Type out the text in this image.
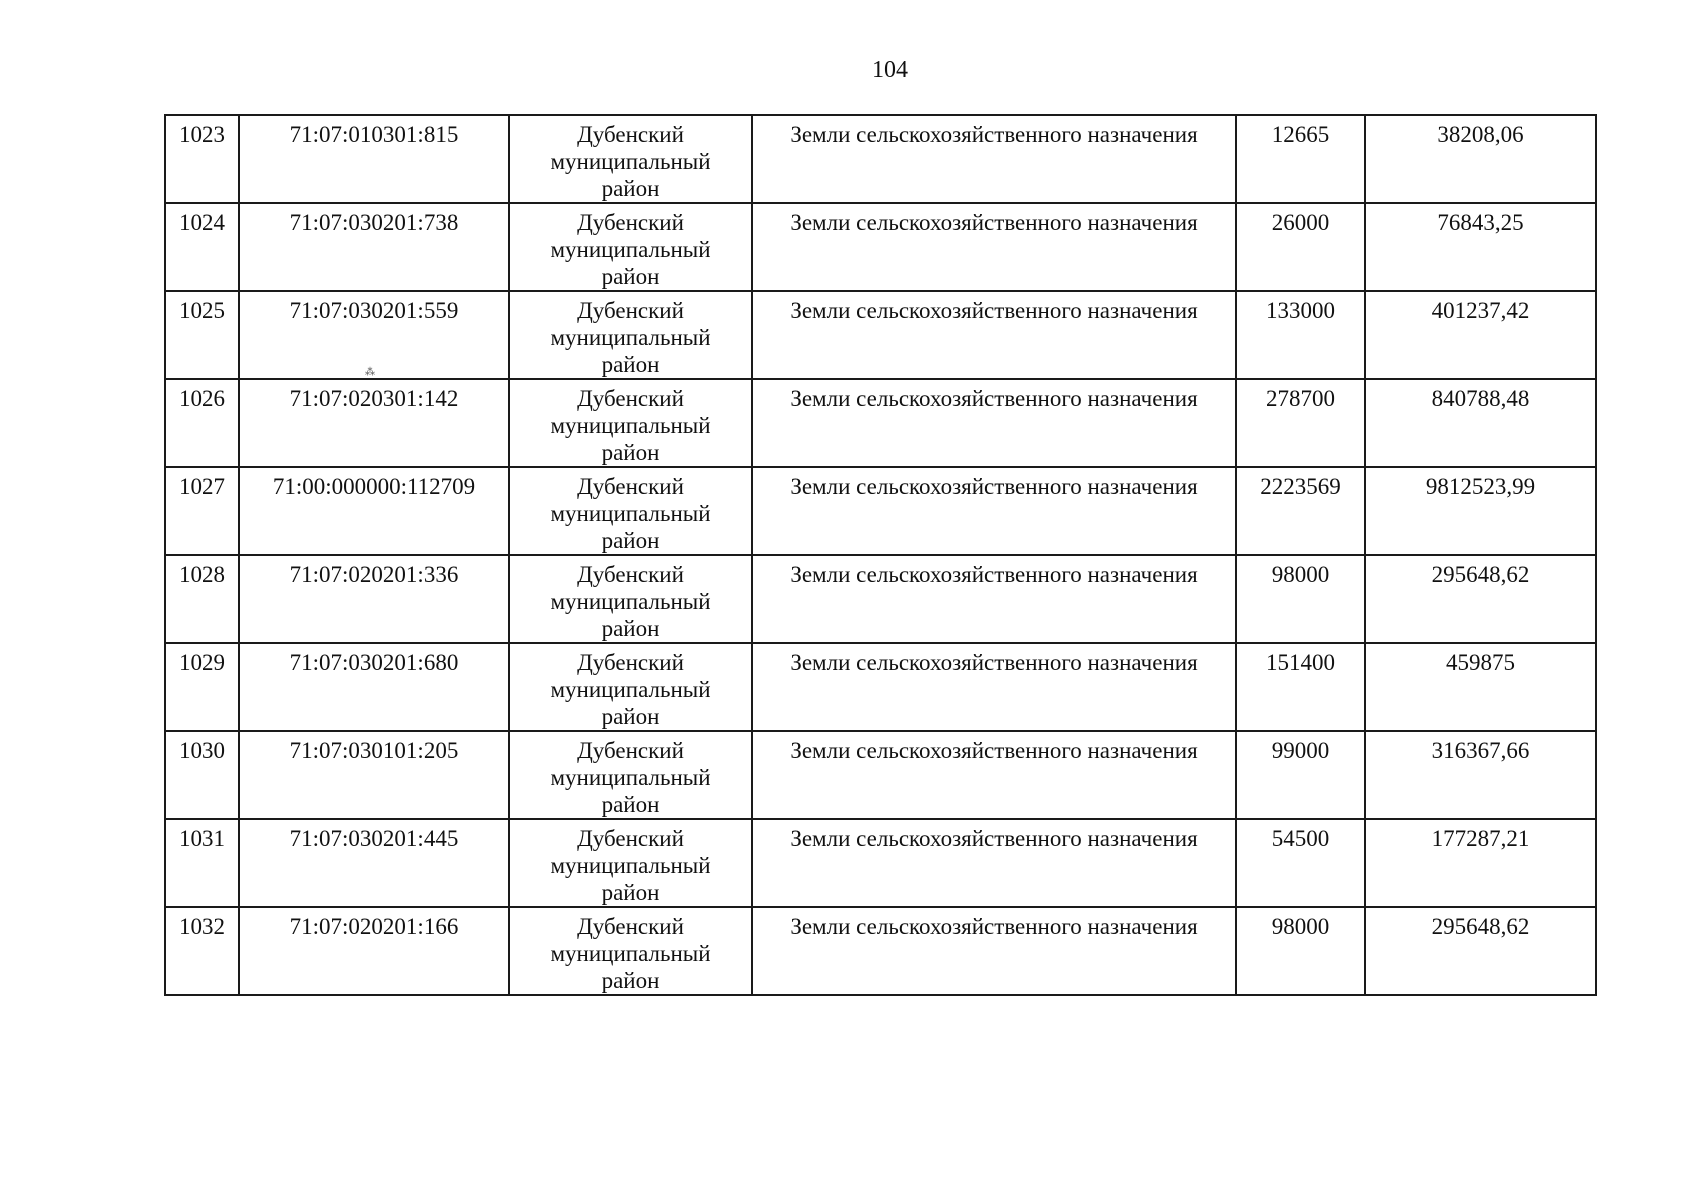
104
1023	71:07:010301:815	Дубенский
муниципальный
район	Земли сельскохозяйственного назначения	12665	38208,06
1024	71:07:030201:738	Дубенский
муниципальный
район	Земли сельскохозяйственного назначения	26000	76843,25
1025	71:07:030201:559	Дубенский
муниципальный
район	Земли сельскохозяйственного назначения	133000	401237,42
1026	71:07:020301:142	Дубенский
муниципальный
район	Земли сельскохозяйственного назначения	278700	840788,48
1027	71:00:000000:112709	Дубенский
муниципальный
район	Земли сельскохозяйственного назначения	2223569	9812523,99
1028	71:07:020201:336	Дубенский
муниципальный
район	Земли сельскохозяйственного назначения	98000	295648,62
1029	71:07:030201:680	Дубенский
муниципальный
район	Земли сельскохозяйственного назначения	151400	459875
1030	71:07:030101:205	Дубенский
муниципальный
район	Земли сельскохозяйственного назначения	99000	316367,66
1031	71:07:030201:445	Дубенский
муниципальный
район	Земли сельскохозяйственного назначения	54500	177287,21
1032	71:07:020201:166	Дубенский
муниципальный
район	Земли сельскохозяйственного назначения	98000	295648,62
⁂
